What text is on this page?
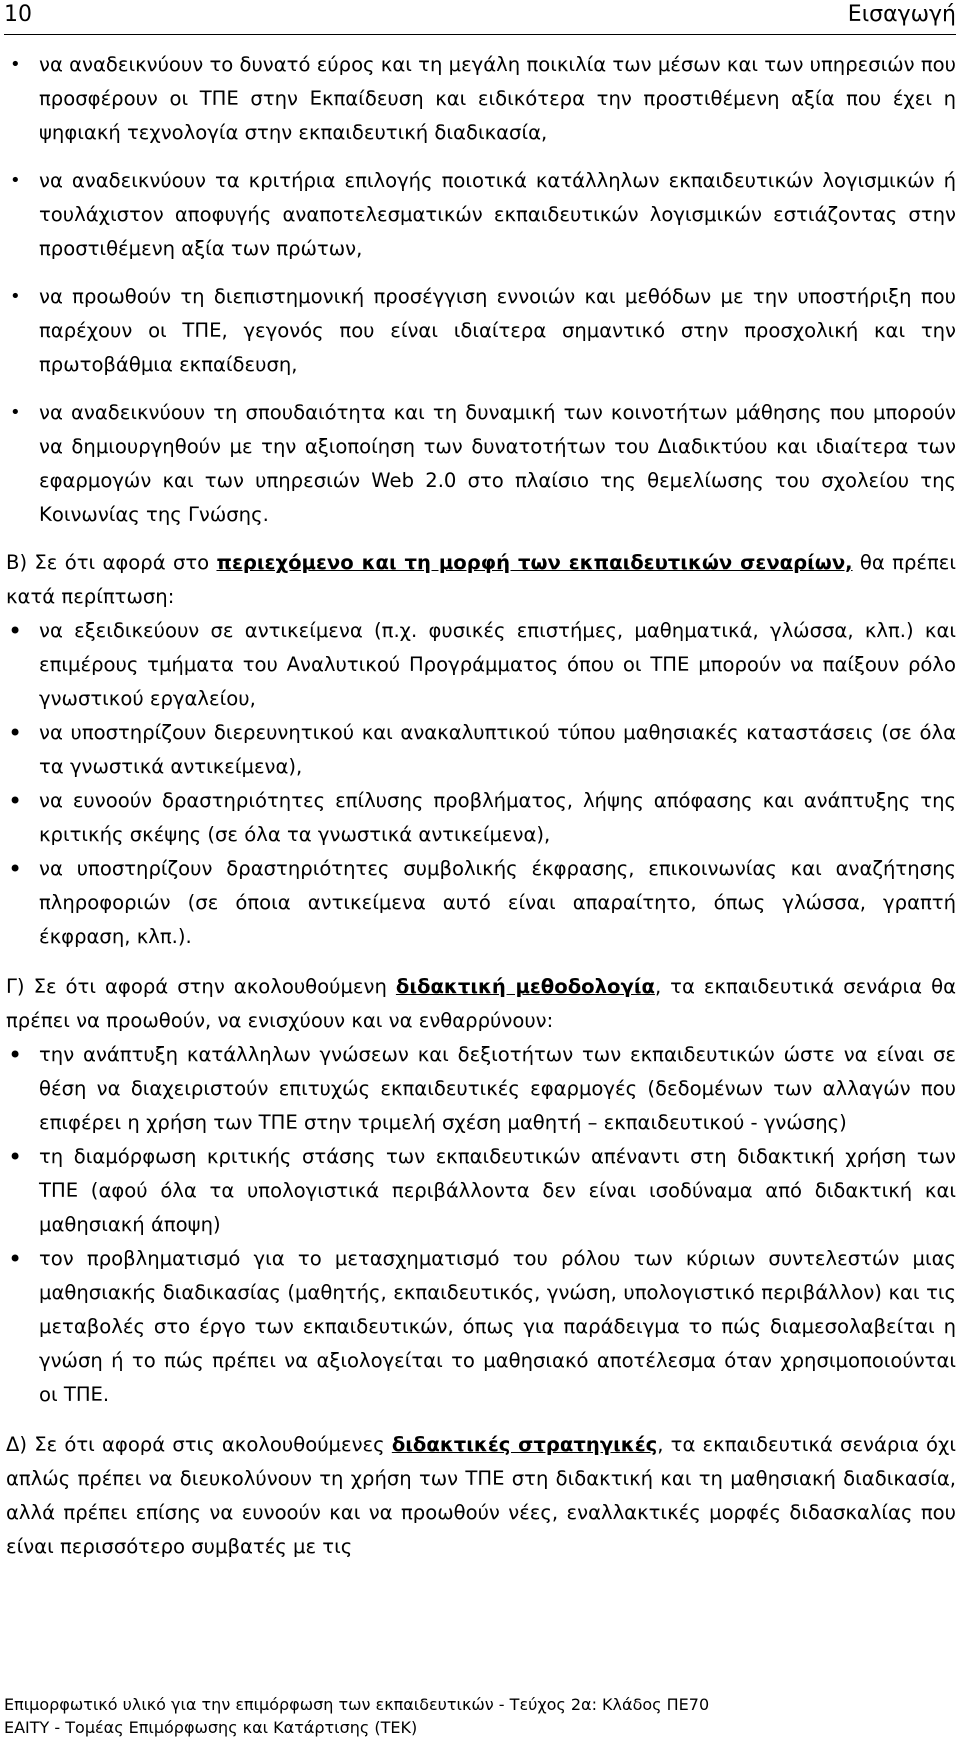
10	Εισαγωγή
• να αναδεικνύουν το δυνατό εύρος και τη μεγάλη ποικιλία των μέσων και των υπηρεσιών που προσφέρουν οι ΤΠΕ στην Εκπαίδευση και ειδικότερα την προστιθέμενη αξία που έχει η ψηφιακή τεχνολογία στην εκπαιδευτική διαδικασία,
• να αναδεικνύουν τα κριτήρια επιλογής ποιοτικά κατάλληλων εκπαιδευτικών λογισμικών ή τουλάχιστον αποφυγής αναποτελεσματικών εκπαιδευτικών λογισμικών εστιάζοντας στην προστιθέμενη αξία των πρώτων,
• να προωθούν τη διεπιστημονική προσέγγιση εννοιών και μεθόδων με την υποστήριξη που παρέχουν οι ΤΠΕ, γεγονός που είναι ιδιαίτερα σημαντικό στην προσχολική και την πρωτοβάθμια εκπαίδευση,
• να αναδεικνύουν τη σπουδαιότητα και τη δυναμική των κοινοτήτων μάθησης που μπορούν να δημιουργηθούν με την αξιοποίηση των δυνατοτήτων του Διαδικτύου και ιδιαίτερα των εφαρμογών και των υπηρεσιών Web 2.0 στο πλαίσιο της θεμελίωσης του σχολείου της Κοινωνίας της Γνώσης.

Β) Σε ότι αφορά στο περιεχόμενο και τη μορφή των εκπαιδευτικών σεναρίων, θα πρέπει κατά περίπτωση:

• να εξειδικεύουν σε αντικείμενα (π.χ. φυσικές επιστήμες, μαθηματικά, γλώσσα, κλπ.) και επιμέρους τμήματα του Αναλυτικού Προγράμματος όπου οι ΤΠΕ μπορούν να παίξουν ρόλο γνωστικού εργαλείου,
• να υποστηρίζουν διερευνητικού και ανακαλυπτικού τύπου μαθησιακές καταστάσεις (σε όλα τα γνωστικά αντικείμενα),
• να ευνοούν δραστηριότητες επίλυσης προβλήματος, λήψης απόφασης και ανάπτυξης της κριτικής σκέψης (σε όλα τα γνωστικά αντικείμενα),
• να υποστηρίζουν δραστηριότητες συμβολικής έκφρασης, επικοινωνίας και αναζήτησης πληροφοριών (σε όποια αντικείμενα αυτό είναι απαραίτητο, όπως γλώσσα, γραπτή έκφραση, κλπ.).

Γ) Σε ότι αφορά στην ακολουθούμενη διδακτική μεθοδολογία, τα εκπαιδευτικά σενάρια θα πρέπει να προωθούν, να ενισχύουν και να ενθαρρύνουν:

• την ανάπτυξη κατάλληλων γνώσεων και δεξιοτήτων των εκπαιδευτικών ώστε να είναι σε θέση να διαχειριστούν επιτυχώς εκπαιδευτικές εφαρμογές (δεδομένων των αλλαγών που επιφέρει η χρήση των ΤΠΕ στην τριμελή σχέση μαθητή – εκπαιδευτικού - γνώσης)
• τη διαμόρφωση κριτικής στάσης των εκπαιδευτικών απέναντι στη διδακτική χρήση των ΤΠΕ (αφού όλα τα υπολογιστικά περιβάλλοντα δεν είναι ισοδύναμα από διδακτική και μαθησιακή άποψη)
• τον προβληματισμό για το μετασχηματισμό του ρόλου των κύριων συντελεστών μιας μαθησιακής διαδικασίας (μαθητής, εκπαιδευτικός, γνώση, υπολογιστικό περιβάλλον) και τις μεταβολές στο έργο των εκπαιδευτικών, όπως για παράδειγμα το πώς διαμεσολαβείται η γνώση ή το πώς πρέπει να αξιολογείται το μαθησιακό αποτέλεσμα όταν χρησιμοποιούνται οι ΤΠΕ.

Δ) Σε ότι αφορά στις ακολουθούμενες διδακτικές στρατηγικές, τα εκπαιδευτικά σενάρια όχι απλώς πρέπει να διευκολύνουν τη χρήση των ΤΠΕ στη διδακτική και τη μαθησιακή διαδικασία, αλλά πρέπει επίσης να ευνοούν και να προωθούν νέες, εναλλακτικές μορφές διδασκαλίας που είναι περισσότερο συμβατές με τις

Επιμορφωτικό υλικό για την επιμόρφωση των εκπαιδευτικών - Τεύχος 2α: Κλάδος ΠΕ70
ΕΑΙΤΥ - Τομέας Επιμόρφωσης και Κατάρτισης (ΤΕΚ)
